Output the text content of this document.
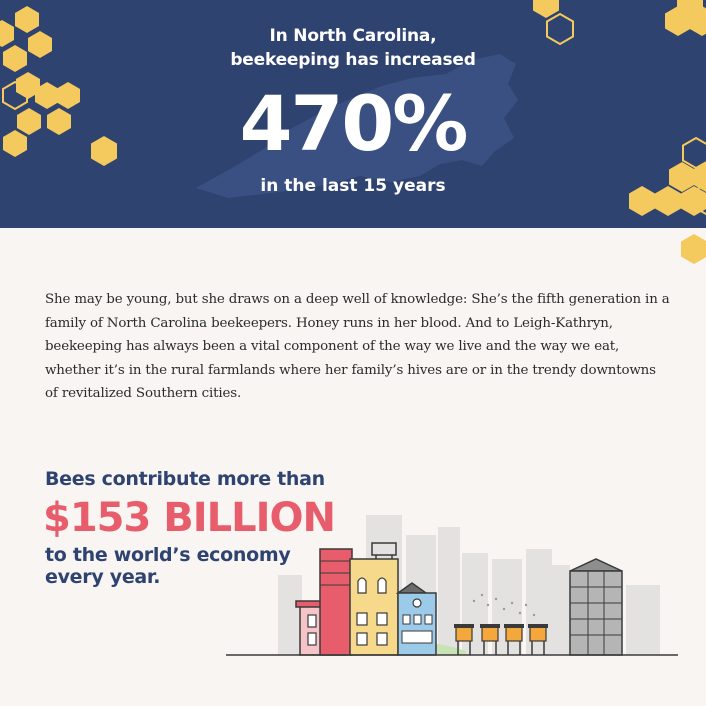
In North Carolina,
beekeeping has increased
470%
in the last 15 years

She may be young, but she draws on a deep well of knowledge: She’s the fifth generation in a family of North Carolina beekeepers. Honey runs in her blood. And to Leigh-Kathryn, beekeeping has always been a vital component of the way we live and the way we eat, whether it’s in the rural farmlands where her family’s hives are or in the trendy downtowns of revitalized Southern cities.

Bees contribute more than
$153 BILLION
to the world’s economy
every year.
